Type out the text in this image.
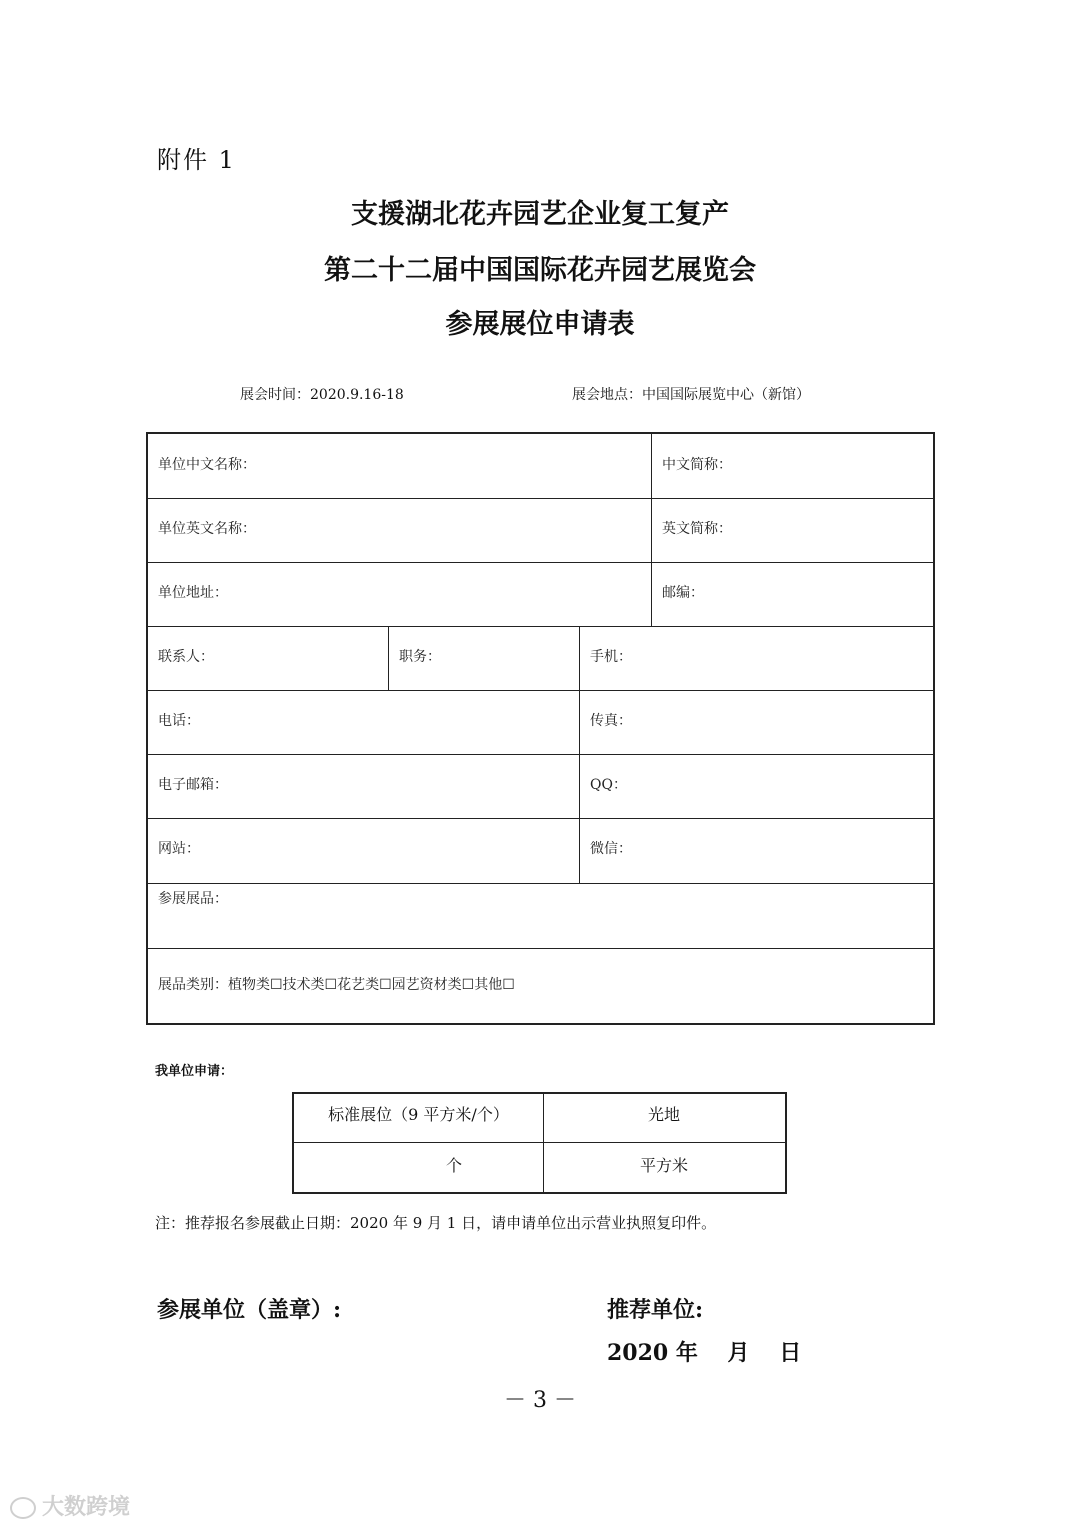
附件 1
支援湖北花卉园艺企业复工复产
第二十二届中国国际花卉园艺展览会
参展展位申请表
展会时间：2020.9.16-18	展会地点：中国国际展览中心（新馆）
单位中文名称：	中文简称：
单位英文名称：	英文简称：
单位地址：	邮编：
联系人：	职务：	手机：
电话：	传真：
电子邮箱：	QQ：
网站：	微信：
参展展品：
展品类别：植物类☐技术类☐花艺类☐园艺资材类☐其他☐
我单位申请：
标准展位（9 平方米/个）	光地
个	平方米
注：推荐报名参展截止日期：2020 年 9 月 1 日，请申请单位出示营业执照复印件。
参展单位（盖章）:	推荐单位:
2020 年　 月　 日
－ 3 －
大数跨境
